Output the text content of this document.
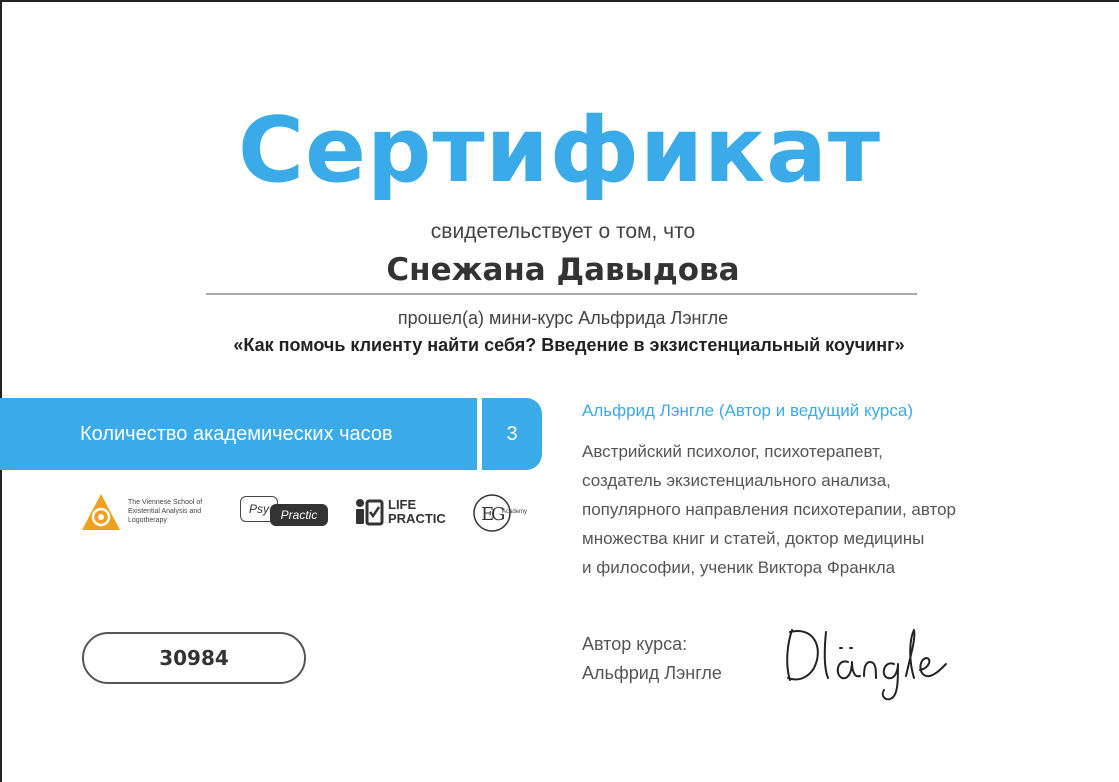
Сертификат
свидетельствует о том, что
Снежана Давыдова
прошел(а) мини-курс Альфрида Лэнгле
«Как помочь клиенту найти себя? Введение в экзистенциальный коучинг»
Количество академических часов	3
The Viennese School of Existential Analysis and Logotherapy
Psy Practic
LIFE
PRACTIC E
G
Academy
30984
Альфрид Лэнгле (Автор и ведущий курса)
Австрийский психолог, психотерапевт,
создатель экзистенциального анализа,
популярного направления психотерапии, автор
множества книг и статей, доктор медицины
и философии, ученик Виктора Франкла
Автор курса:
Альфрид Лэнгле
